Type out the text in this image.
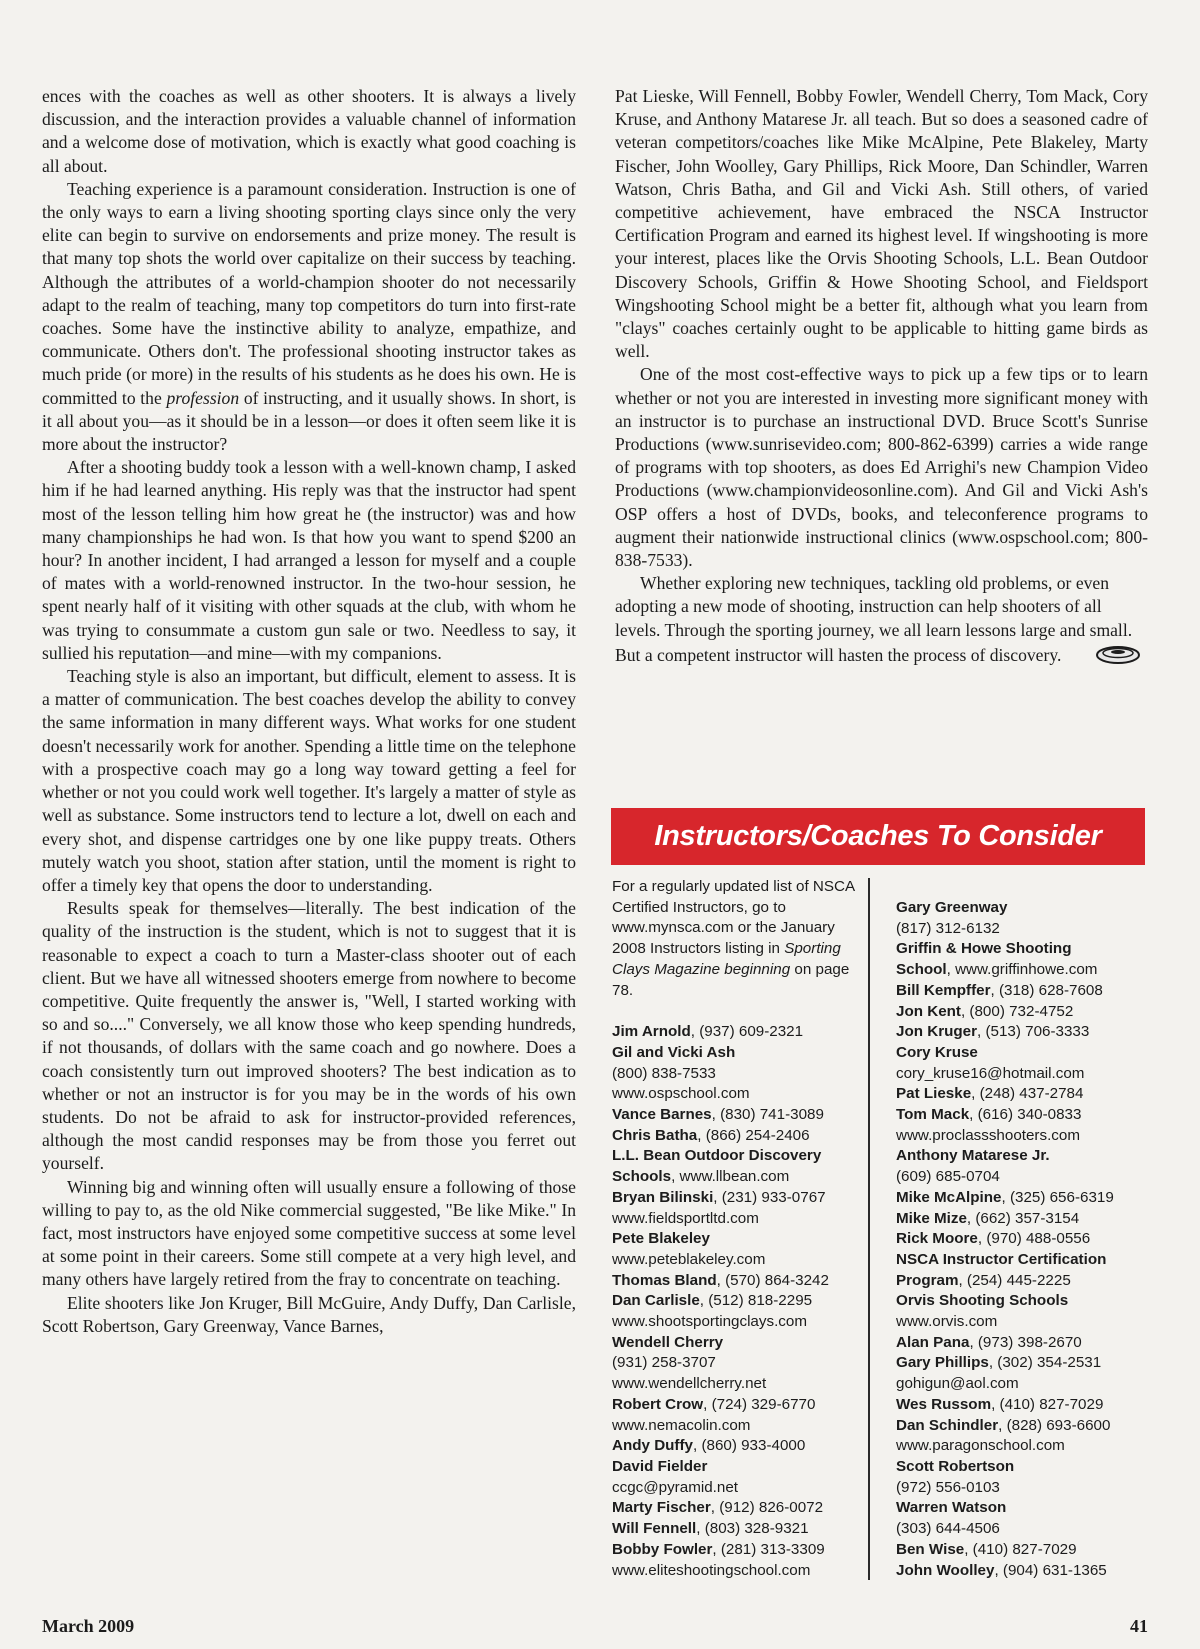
ences with the coaches as well as other shooters. It is always a lively discussion, and the interaction provides a valuable channel of information and a welcome dose of motivation, which is exactly what good coaching is all about.

Teaching experience is a paramount consideration. Instruction is one of the only ways to earn a living shooting sporting clays since only the very elite can begin to survive on endorsements and prize money. The result is that many top shots the world over capitalize on their success by teaching. Although the attributes of a world-champion shooter do not necessarily adapt to the realm of teaching, many top competitors do turn into first-rate coaches. Some have the instinctive ability to analyze, empathize, and communicate. Others don't. The professional shooting instructor takes as much pride (or more) in the results of his students as he does his own. He is committed to the profession of instructing, and it usually shows. In short, is it all about you—as it should be in a lesson—or does it often seem like it is more about the instructor?

After a shooting buddy took a lesson with a well-known champ, I asked him if he had learned anything. His reply was that the instructor had spent most of the lesson telling him how great he (the instructor) was and how many championships he had won. Is that how you want to spend $200 an hour? In another incident, I had arranged a lesson for myself and a couple of mates with a world-renowned instructor. In the two-hour session, he spent nearly half of it visiting with other squads at the club, with whom he was trying to consummate a custom gun sale or two. Needless to say, it sullied his reputation—and mine—with my companions.

Teaching style is also an important, but difficult, element to assess. It is a matter of communication. The best coaches develop the ability to convey the same information in many different ways. What works for one student doesn't necessarily work for another. Spending a little time on the telephone with a prospective coach may go a long way toward getting a feel for whether or not you could work well together. It's largely a matter of style as well as substance. Some instructors tend to lecture a lot, dwell on each and every shot, and dispense cartridges one by one like puppy treats. Others mutely watch you shoot, station after station, until the moment is right to offer a timely key that opens the door to understanding.

Results speak for themselves—literally. The best indication of the quality of the instruction is the student, which is not to suggest that it is reasonable to expect a coach to turn a Master-class shooter out of each client. But we have all witnessed shooters emerge from nowhere to become competitive. Quite frequently the answer is, "Well, I started working with so and so...." Conversely, we all know those who keep spending hundreds, if not thousands, of dollars with the same coach and go nowhere. Does a coach consistently turn out improved shooters? The best indication as to whether or not an instructor is for you may be in the words of his own students. Do not be afraid to ask for instructor-provided references, although the most candid responses may be from those you ferret out yourself.

Winning big and winning often will usually ensure a following of those willing to pay to, as the old Nike commercial suggested, "Be like Mike." In fact, most instructors have enjoyed some competitive success at some level at some point in their careers. Some still compete at a very high level, and many others have largely retired from the fray to concentrate on teaching.

Elite shooters like Jon Kruger, Bill McGuire, Andy Duffy, Dan Carlisle, Scott Robertson, Gary Greenway, Vance Barnes,

Pat Lieske, Will Fennell, Bobby Fowler, Wendell Cherry, Tom Mack, Cory Kruse, and Anthony Matarese Jr. all teach. But so does a seasoned cadre of veteran competitors/coaches like Mike McAlpine, Pete Blakeley, Marty Fischer, John Woolley, Gary Phillips, Rick Moore, Dan Schindler, Warren Watson, Chris Batha, and Gil and Vicki Ash. Still others, of varied competitive achievement, have embraced the NSCA Instructor Certification Program and earned its highest level. If wingshooting is more your interest, places like the Orvis Shooting Schools, L.L. Bean Outdoor Discovery Schools, Griffin & Howe Shooting School, and Fieldsport Wingshooting School might be a better fit, although what you learn from "clays" coaches certainly ought to be applicable to hitting game birds as well.

One of the most cost-effective ways to pick up a few tips or to learn whether or not you are interested in investing more significant money with an instructor is to purchase an instructional DVD. Bruce Scott's Sunrise Productions (www.sunrisevideo.com; 800-862-6399) carries a wide range of programs with top shooters, as does Ed Arrighi's new Champion Video Productions (www.championvideosonline.com). And Gil and Vicki Ash's OSP offers a host of DVDs, books, and teleconference programs to augment their nationwide instructional clinics (www.ospschool.com; 800-838-7533).

Whether exploring new techniques, tackling old problems, or even adopting a new mode of shooting, instruction can help shooters of all levels. Through the sporting journey, we all learn lessons large and small. But a competent instructor will hasten the process of discovery.

Instructors/Coaches To Consider

For a regularly updated list of NSCA Certified Instructors, go to www.mynsca.com or the January 2008 Instructors listing in Sporting Clays Magazine beginning on page 78.

Jim Arnold, (937) 609-2321
Gil and Vicki Ash
(800) 838-7533
www.ospschool.com
Vance Barnes, (830) 741-3089
Chris Batha, (866) 254-2406
L.L. Bean Outdoor Discovery
Schools, www.llbean.com
Bryan Bilinski, (231) 933-0767
www.fieldsportltd.com
Pete Blakeley
www.peteblakeley.com
Thomas Bland, (570) 864-3242
Dan Carlisle, (512) 818-2295
www.shootsportingclays.com
Wendell Cherry
(931) 258-3707
www.wendellcherry.net
Robert Crow, (724) 329-6770
www.nemacolin.com
Andy Duffy, (860) 933-4000
David Fielder
ccgc@pyramid.net
Marty Fischer, (912) 826-0072
Will Fennell, (803) 328-9321
Bobby Fowler, (281) 313-3309
www.eliteshootingschool.com
Gary Greenway
(817) 312-6132
Griffin & Howe Shooting
School, www.griffinhowe.com
Bill Kempffer, (318) 628-7608
Jon Kent, (800) 732-4752
Jon Kruger, (513) 706-3333
Cory Kruse
cory_kruse16@hotmail.com
Pat Lieske, (248) 437-2784
Tom Mack, (616) 340-0833
www.proclassshooters.com
Anthony Matarese Jr.
(609) 685-0704
Mike McAlpine, (325) 656-6319
Mike Mize, (662) 357-3154
Rick Moore, (970) 488-0556
NSCA Instructor Certification
Program, (254) 445-2225
Orvis Shooting Schools
www.orvis.com
Alan Pana, (973) 398-2670
Gary Phillips, (302) 354-2531
gohigun@aol.com
Wes Russom, (410) 827-7029
Dan Schindler, (828) 693-6600
www.paragonschool.com
Scott Robertson
(972) 556-0103
Warren Watson
(303) 644-4506
Ben Wise, (410) 827-7029
John Woolley, (904) 631-1365
March 2009	41
